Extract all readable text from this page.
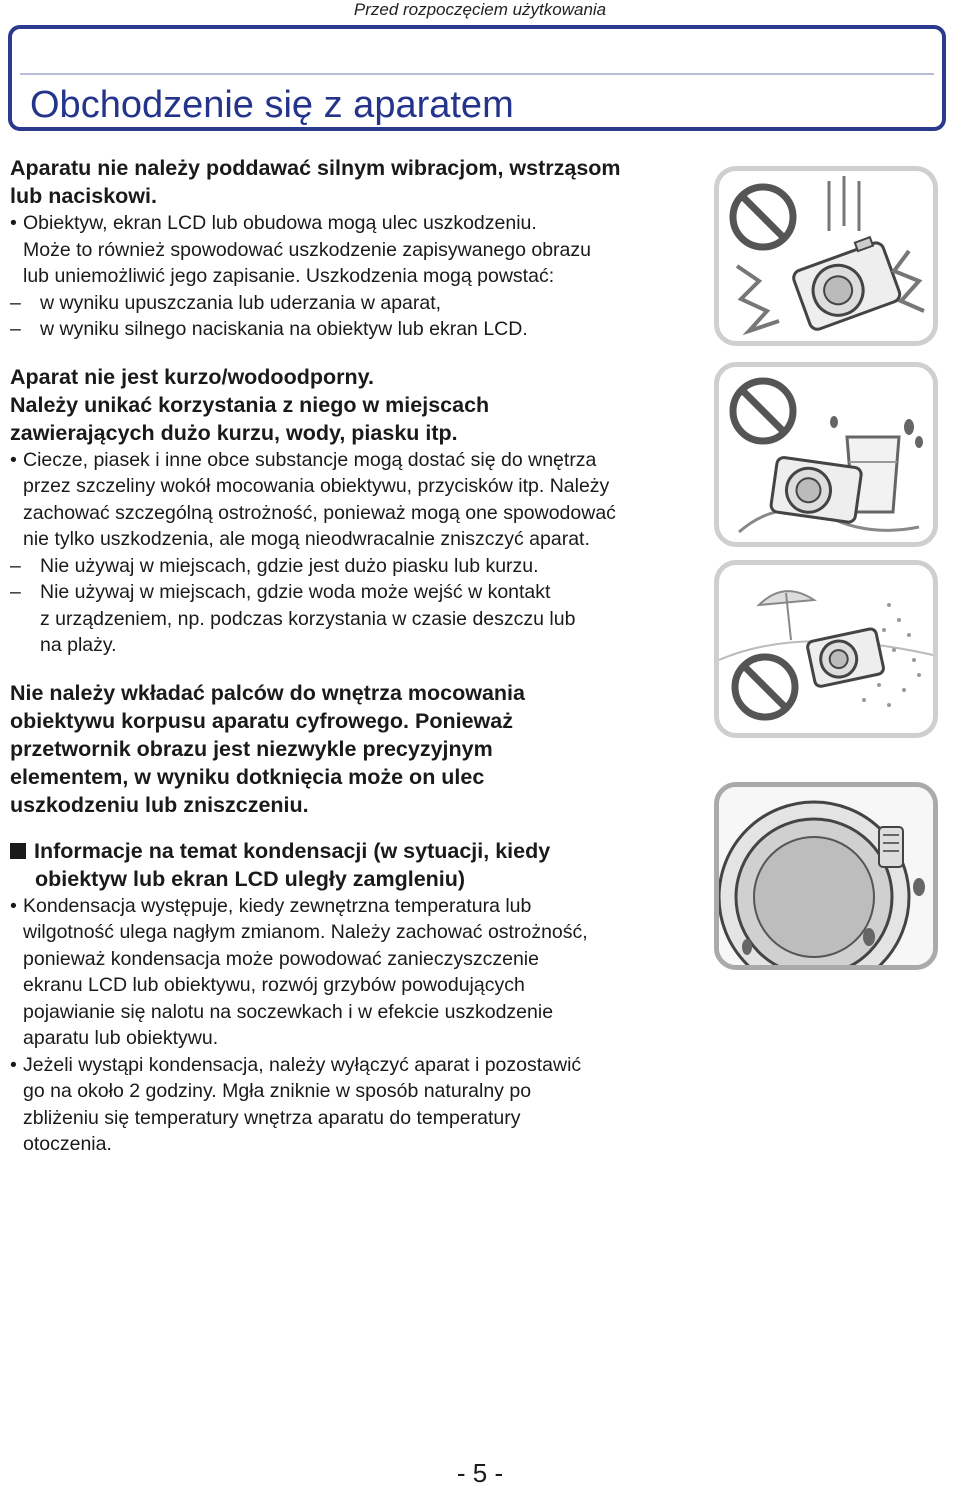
Przed rozpoczęciem użytkowania
Obchodzenie się z aparatem
Aparatu nie należy poddawać silnym wibracjom, wstrząsom
lub naciskowi.
• Obiektyw, ekran LCD lub obudowa mogą ulec uszkodzeniu.
Może to również spowodować uszkodzenie zapisywanego obrazu
lub uniemożliwić jego zapisanie. Uszkodzenia mogą powstać:
– w wyniku upuszczania lub uderzania w aparat,
– w wyniku silnego naciskania na obiektyw lub ekran LCD.
Aparat nie jest kurzo/wodoodporny.
Należy unikać korzystania z niego w miejscach
zawierających dużo kurzu, wody, piasku itp.
• Ciecze, piasek i inne obce substancje mogą dostać się do wnętrza
przez szczeliny wokół mocowania obiektywu, przycisków itp. Należy
zachować szczególną ostrożność, ponieważ mogą one spowodować
nie tylko uszkodzenia, ale mogą nieodwracalnie zniszczyć aparat.
– Nie używaj w miejscach, gdzie jest dużo piasku lub kurzu.
– Nie używaj w miejscach, gdzie woda może wejść w kontakt
z urządzeniem, np. podczas korzystania w czasie deszczu lub
na plaży.
Nie należy wkładać palców do wnętrza mocowania
obiektywu korpusu aparatu cyfrowego. Ponieważ
przetwornik obrazu jest niezwykle precyzyjnym
elementem, w wyniku dotknięcia może on ulec
uszkodzeniu lub zniszczeniu.
Informacje na temat kondensacji (w sytuacji, kiedy
obiektyw lub ekran LCD uległy zamgleniu)
• Kondensacja występuje, kiedy zewnętrzna temperatura lub
wilgotność ulega nagłym zmianom. Należy zachować ostrożność,
ponieważ kondensacja może powodować zanieczyszczenie
ekranu LCD lub obiektywu, rozwój grzybów powodujących
pojawianie się nalotu na soczewkach i w efekcie uszkodzenie
aparatu lub obiektywu.
• Jeżeli wystąpi kondensacja, należy wyłączyć aparat i pozostawić
go na około 2 godziny. Mgła zniknie w sposób naturalny po
zbliżeniu się temperatury wnętrza aparatu do temperatury
otoczenia.
- 5 -
